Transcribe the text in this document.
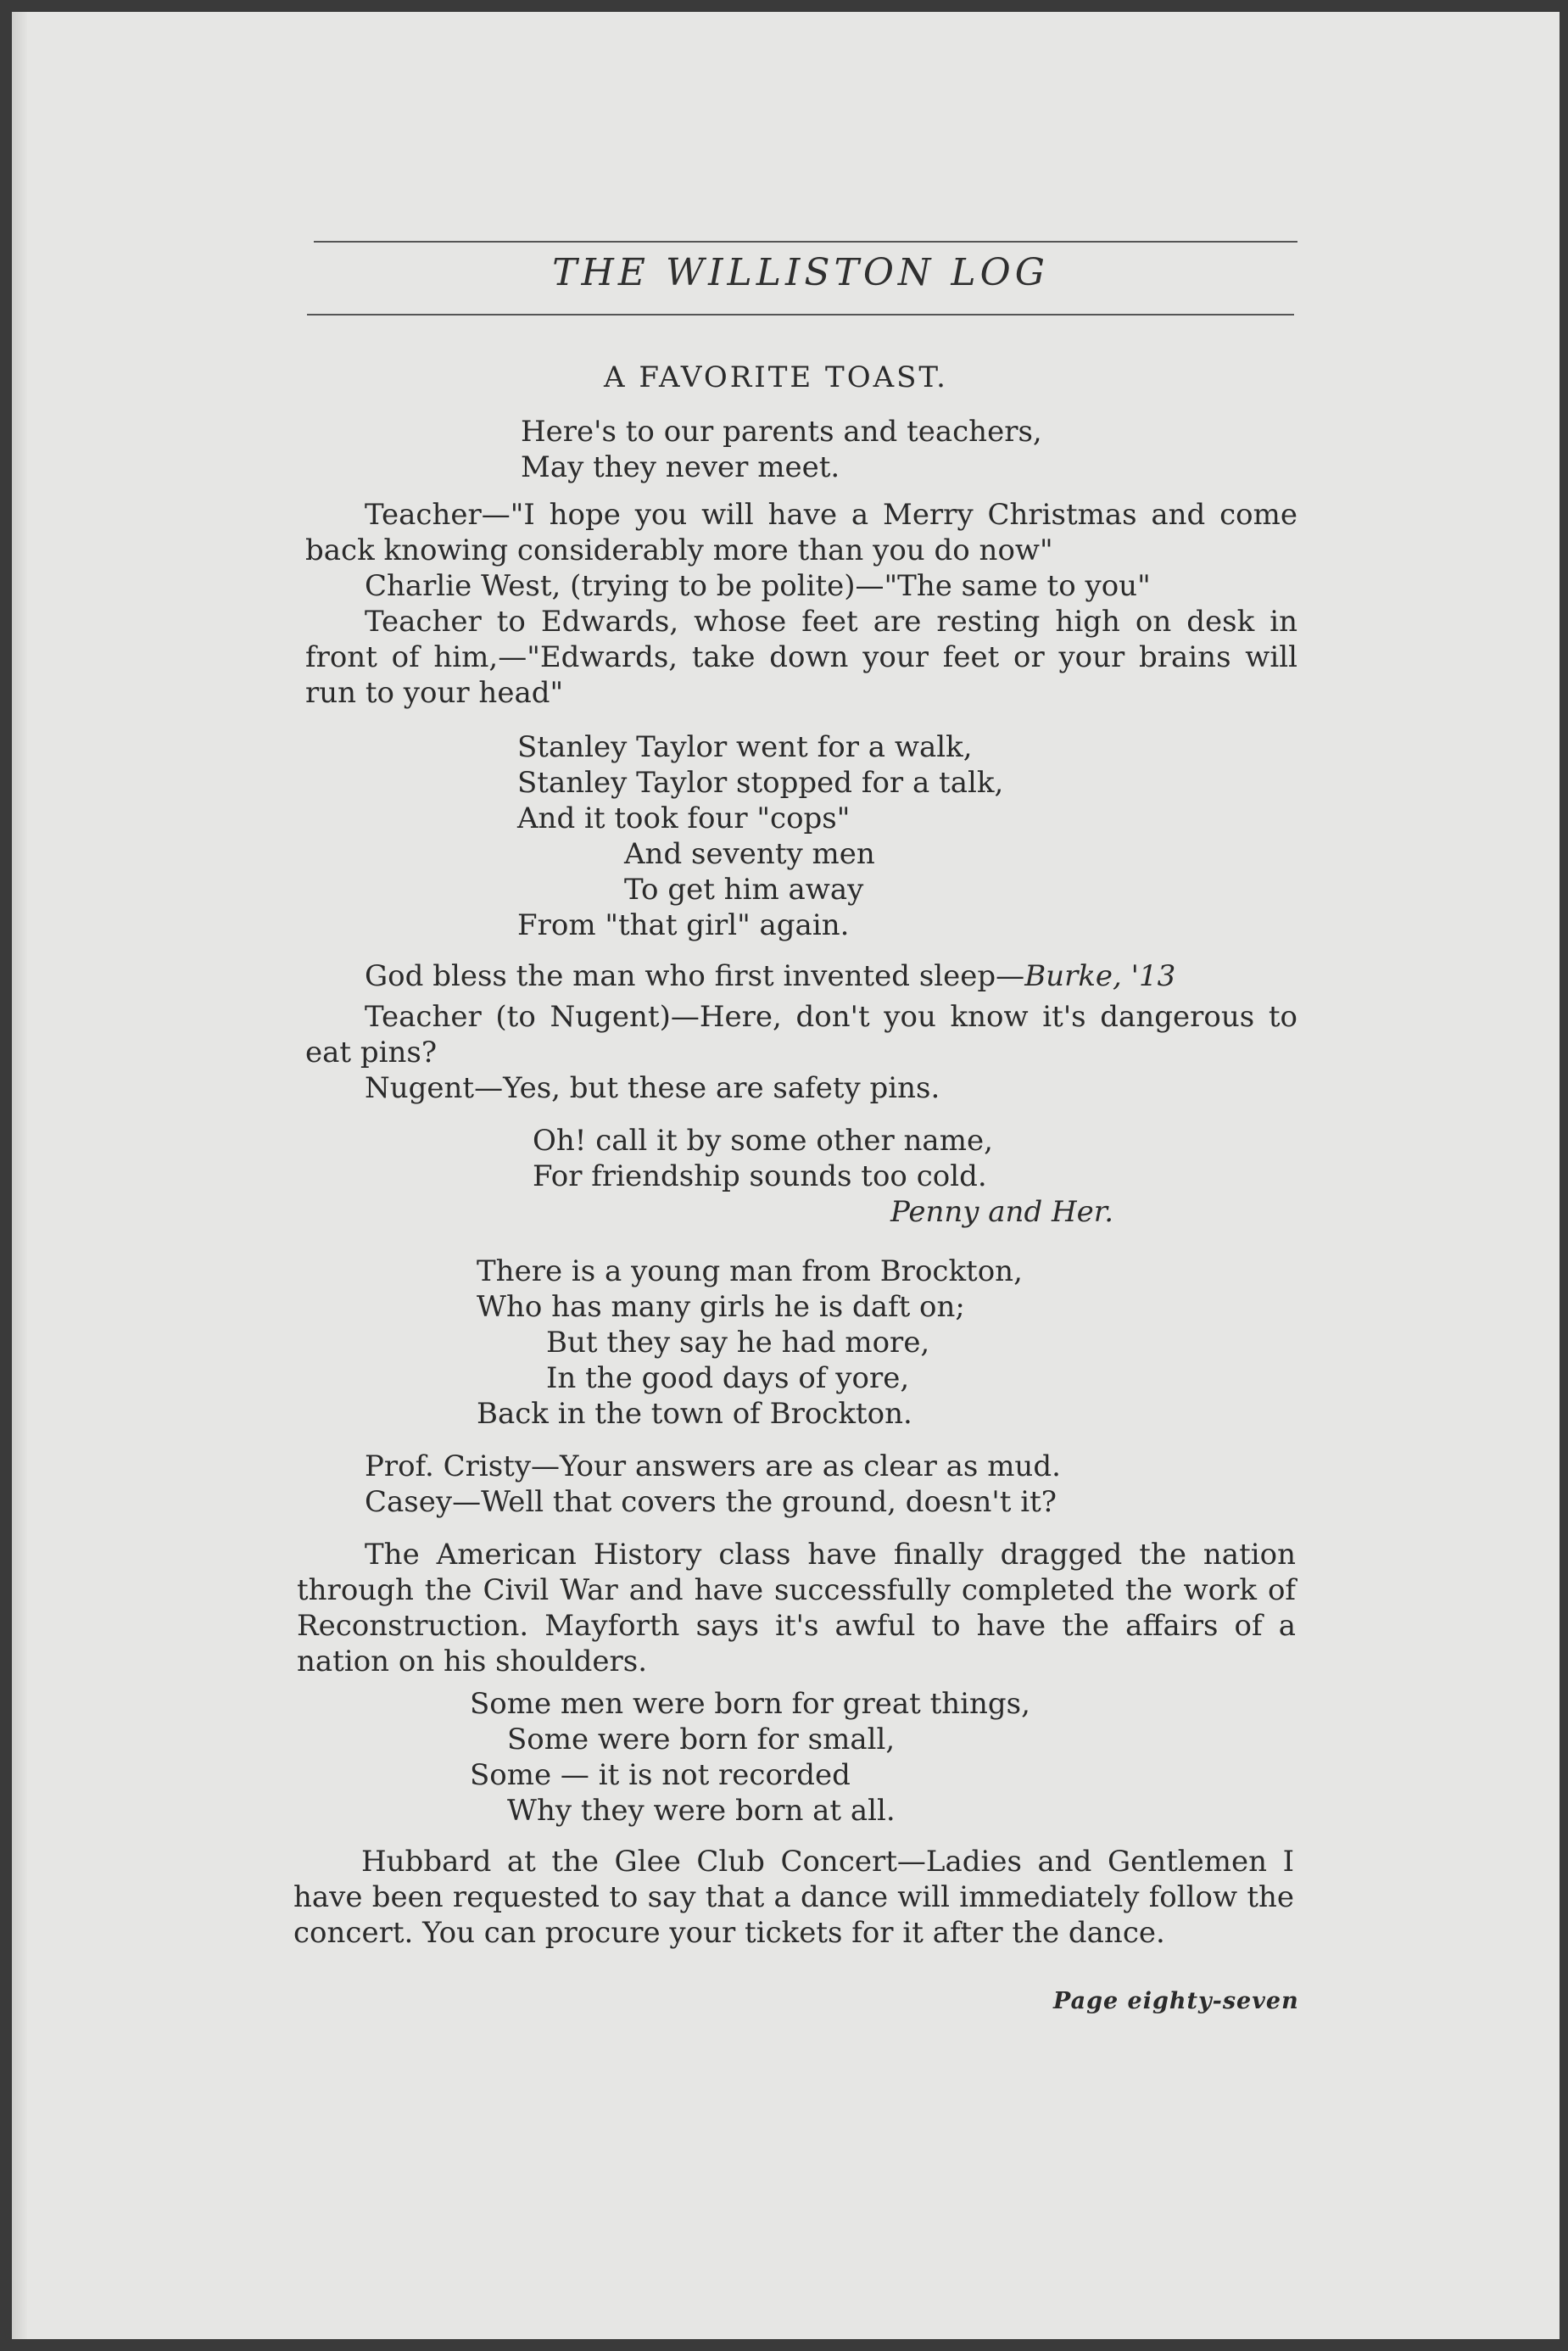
THE WILLISTON LOG
A FAVORITE TOAST.
Here's to our parents and teachers,
May they never meet.
Teacher—"I hope you will have a Merry Christmas and come back knowing considerably more than you do now"
Charlie West, (trying to be polite)—"The same to you"
Teacher to Edwards, whose feet are resting high on desk in front of him,—"Edwards, take down your feet or your brains will run to your head"
Stanley Taylor went for a walk,
Stanley Taylor stopped for a talk,
And it took four "cops"
And seventy men
To get him away
From "that girl" again.
God bless the man who first invented sleep—Burke, '13
Teacher (to Nugent)—Here, don't you know it's dangerous to eat pins?
Nugent—Yes, but these are safety pins.
Oh! call it by some other name,
For friendship sounds too cold.
Penny and Her.
There is a young man from Brockton,
Who has many girls he is daft on;
But they say he had more,
In the good days of yore,
Back in the town of Brockton.
Prof. Cristy—Your answers are as clear as mud.
Casey—Well that covers the ground, doesn't it?
The American History class have finally dragged the nation through the Civil War and have successfully completed the work of Reconstruction. Mayforth says it's awful to have the affairs of a nation on his shoulders.
Some men were born for great things,
Some were born for small,
Some — it is not recorded
Why they were born at all.
Hubbard at the Glee Club Concert—Ladies and Gentlemen I have been requested to say that a dance will immediately follow the concert. You can procure your tickets for it after the dance.
Page eighty-seven
